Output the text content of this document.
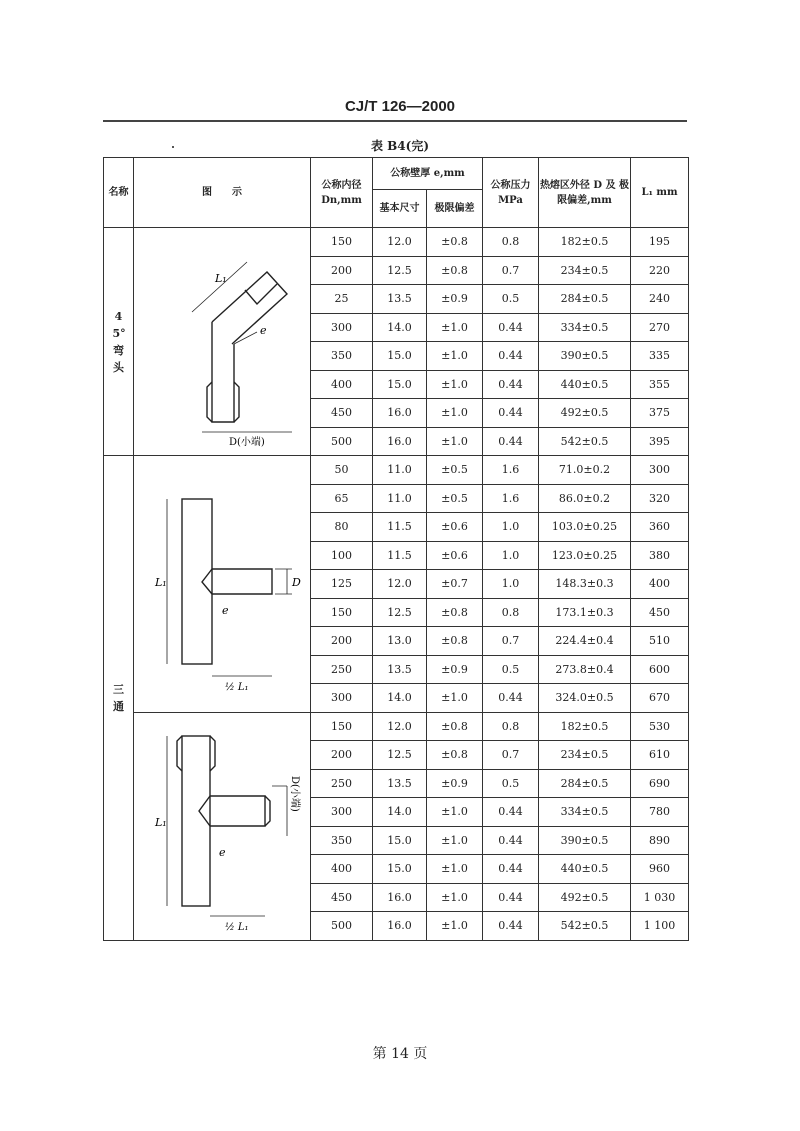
CJ/T 126—2000
表 B4(完)
名称	图　　示	公称内径 Dn,mm	公称壁厚 e,mm		公称压力 MPa	热熔区外径 D 及 极限偏差,mm	L₁ mm
			基本尺寸	极限偏差			
45° 弯 头	L₁
e
D(小端)	150	12.0	±0.8	0.8	182±0.5	195
		200	12.5	±0.8	0.7	234±0.5	220
		25	13.5	±0.9	0.5	284±0.5	240
		300	14.0	±1.0	0.44	334±0.5	270
		350	15.0	±1.0	0.44	390±0.5	335
		400	15.0	±1.0	0.44	440±0.5	355
		450	16.0	±1.0	0.44	492±0.5	375
		500	16.0	±1.0	0.44	542±0.5	395
三 通	L₁ D
e
½ L₁	50	11.0	±0.5	1.6	71.0±0.2	300
		65	11.0	±0.5	1.6	86.0±0.2	320
		80	11.5	±0.6	1.0	103.0±0.25	360
		100	11.5	±0.6	1.0	123.0±0.25	380
		125	12.0	±0.7	1.0	148.3±0.3	400
		150	12.5	±0.8	0.8	173.1±0.3	450
		200	13.0	±0.8	0.7	224.4±0.4	510
		250	13.5	±0.9	0.5	273.8±0.4	600
		300	14.0	±1.0	0.44	324.0±0.5	670

L₁
D(小端)
e
½ L₁	150	12.0	±0.8	0.8	182±0.5	530
		200	12.5	±0.8	0.7	234±0.5	610
		250	13.5	±0.9	0.5	284±0.5	690
		300	14.0	±1.0	0.44	334±0.5	780
		350	15.0	±1.0	0.44	390±0.5	890
		400	15.0	±1.0	0.44	440±0.5	960
		450	16.0	±1.0	0.44	492±0.5	1 030
		500	16.0	±1.0	0.44	542±0.5	1 100
第 14 页
